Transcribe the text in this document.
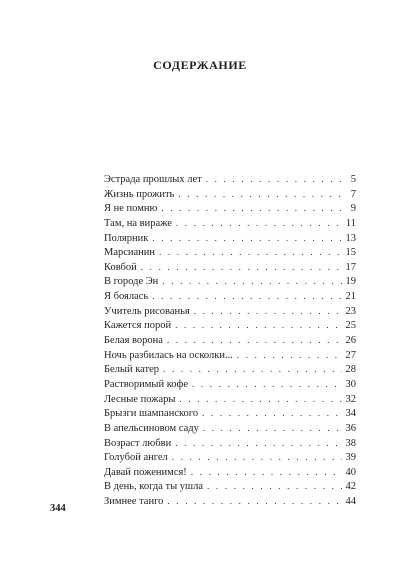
СОДЕРЖАНИЕ
Эстрада прошлых лет . . .	5
Жизнь прожить . . .	7
Я не помню . . .	9
Там, на вираже . . .	11
Полярник . . .	13
Марсианин . . .	15
Ковбой . . .	17
В городе Эн . . .	19
Я боялась . . .	21
Учитель рисованья . . .	23
Кажется порой . . .	25
Белая ворона . . .	26
Ночь разбилась на осколки... . . .	27
Белый катер . . .	28
Растворимый кофе . . .	30
Лесные пожары . . .	32
Брызги шампанского . . .	34
В апельсиновом саду . . .	36
Возраст любви . . .	38
Голубой ангел . . .	39
Давай поженимся! . . .	40
В день, когда ты ушла . . .	42
Зимнее танго . . .	44
344
